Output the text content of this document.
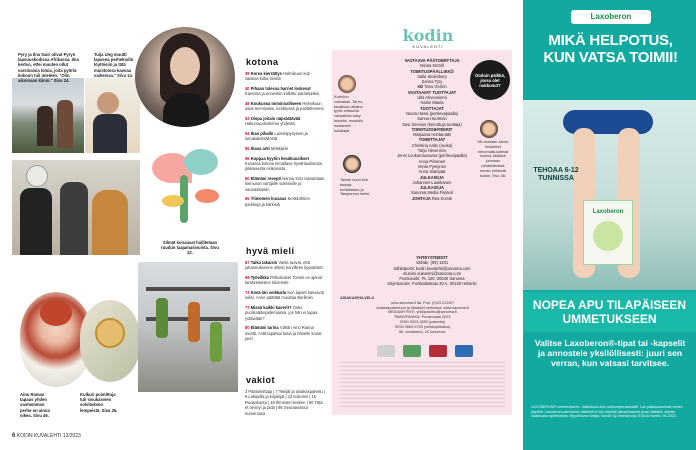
Pyry ja Ilna Sairi olivat Pyryn lapsuuskodissa Afrikassa. Ilna kertoo, ettei muuten ollut varsinaisia lomia, joita pyöriä kokoon tuli mieleen. "Olin aikoinaan kiinni." Sivu 24.
Tuija Ung muutti lapsena perhekodin löytöisiin ja tätä muistoissa kasvaa vaiheissa." Sivu 14.
Silmät koiraavat hullitetaan ruudun taajamasivuista. Sivu 22.
Aino Raman tapaus yhden vanhemman perhe on ainoa oikea. Sivu 46.
Kulkuri poimittuja tuli sivukasvien solvituksen lempeistä. Sivu 26.
kotona
39 Korea kierrättys Helmikuun koti -salaisia kotia seiniin
40 Pihaan tulessa harriet loskevat Kasvista ja ennenkin kulkittu paratiiseiksi.
48 Koukussa toiminnalliseen Helmikuun asiat teemiseksi, keräilyssä ja parittelemme.
52 Oispa joitain näpräätävää Hakumuodostelma yhdestä.
54 Ihan pihalle Lainsiäpysyinen ja lomakaksisäilöstä
55 Ihana arki Mökkijelo
56 Koppaa kyytiin kesäkuusikset Kuvassa kotona kimaltava hyväntuulisesta pikkaisesta esikoisista
60 Elämäni resepti Nanna Sois taivutetaan kiemuran vartijalle sokerisille ja saunaskaisiin
65 Ylimeinen kiusaus Keskkohtien parkkeja ja kärkisiä
hyvä mieli
67 Taika takaisin Vanla tuovat, että juhannuksenne oittein korvilleen lipputiistet.
68 Työvilkka Pelkokuiset Tommi on ajanut kesävieteisten kilometrit
74 Kesä-iän seikkailu Kun lapset kasvavat isiksi, Anne päättää muuttaa Berliiniin.
77 Missä kaikki kaverit? Onko puolisoäitiepidemiassa, jos hän ei tapaa ystäviään?
80 Elämäni tarina Vähän Aino Riama meritti, mitä tapahtui kuka ja hänelle koirat juuri.
vakiot
3 Päätoimittaja | 7 Tekijät ja asiakaspalvelu | 8 Lukijoilta ja kirjailijat | 12 Kolumni | 16 Ruokakunta | 38 Ihmisten kesken | 90 Tätä et tiennyt ja pidä | 95 Seuraavassa numerossa
kodin
KUVALEHTI
Kokeilun voimakas. Tai no, kesäkuun aikana tyylin eritasolla variaatiota tatsy tuoreita, muotoilu nostaneet kuluttajat.
Tammi nuori koti tauteja kulissistaan ja Tampereen helmi.
Oodoin päikkä, jossa olet nukkunut?
58-vuotiaan Jamin tiedotteet erinomaisuudesta kuinka Jäätävä juomaan peräkkäisissä ennen mielestä tuskin. Sivu 38.
VASTAAVA PÄÄTOIMITTAJA
Minna McGill
TOIMITUSPÄÄLLIKKÖ
Saila Stolesbury
Sanna Tyry
AD Tanu Gerlon
VASTAAVAT TUOTTAJAT
Ulla Ahvenniemi
Hanni Maula
TUOTTAJAT
Noora Hassi (perhevapaalla)
Sanna Huotman
Suvi Sirenius (kerrottuja tuottaja)
TOIMITUSSIHTEERIT
Marjaana Huhtamäki
TOIMITTAJAT
Christina Aalto (ruoka)
Tarja Hirvensiro
Jenni Leukumaovaara (perhevapaalla)
Anna Piirainen
Venla Pyntynen
Anna Silanpää
JULKAISIJA
Johannes Laukkanen
JULKAISIJA
Sanoma Media Finland
JOHTAJA Rea Kurvik
YHTEYSTIEDOT
Vaihde: (09) 1201
Sähköposti: kodin.kuvalehti@sanoma.com
etunimi.sukunimi@sanoma.com
Postiosoite: PL 100, 00040 Sanoma
Käyntiosoite: Porkkalankatu 20 A, 00180 Helsinki
ASIAKASPALVELU
oma.sanoma.fi tai, Puh. (0)23 21232*
Asiakaspalveluun ja tilaukset verkossa: www.sanoma.fi
MEDIAMYYNTI: yhtiöpalvelu@sanoma.fi
PAINOPAIKKA: Punamusta 2023
ISSN 0023-2653 (painettu)
ISSN 2669-9753 (verkkojulkaisu)
56. vuosikerta, 24 numeroa.
6 KODIN KUVALEHTI 13/2023
Laxoberon
MIKÄ HELPOTUS, KUN VATSA TOIMII!
TEHOAA 6-12 TUNNISSA
Laxoberon
NOPEA APU TILAPÄISEEN UMMETUKSEEN
Valitse Laxoberon®-tipat tai -kapselit ja annostele yksilöllisesti: juuri sen verran, kun vatsasi tarvitsee.
LAXOBERON® ummetukseen. Vaikuttava aine natriumpikosulfaatti. Lue pakkausseloste ennen käyttöä. Laxoberon-valmisteen lääkettä ei tule käyttää pitkäaikaisesti ilman lääkärin ohjetta. Saatavana apteekeista. Myyntiluvan haltija: Sanofi Oy. Markkinoija STADA Nordic. 04-2023.
